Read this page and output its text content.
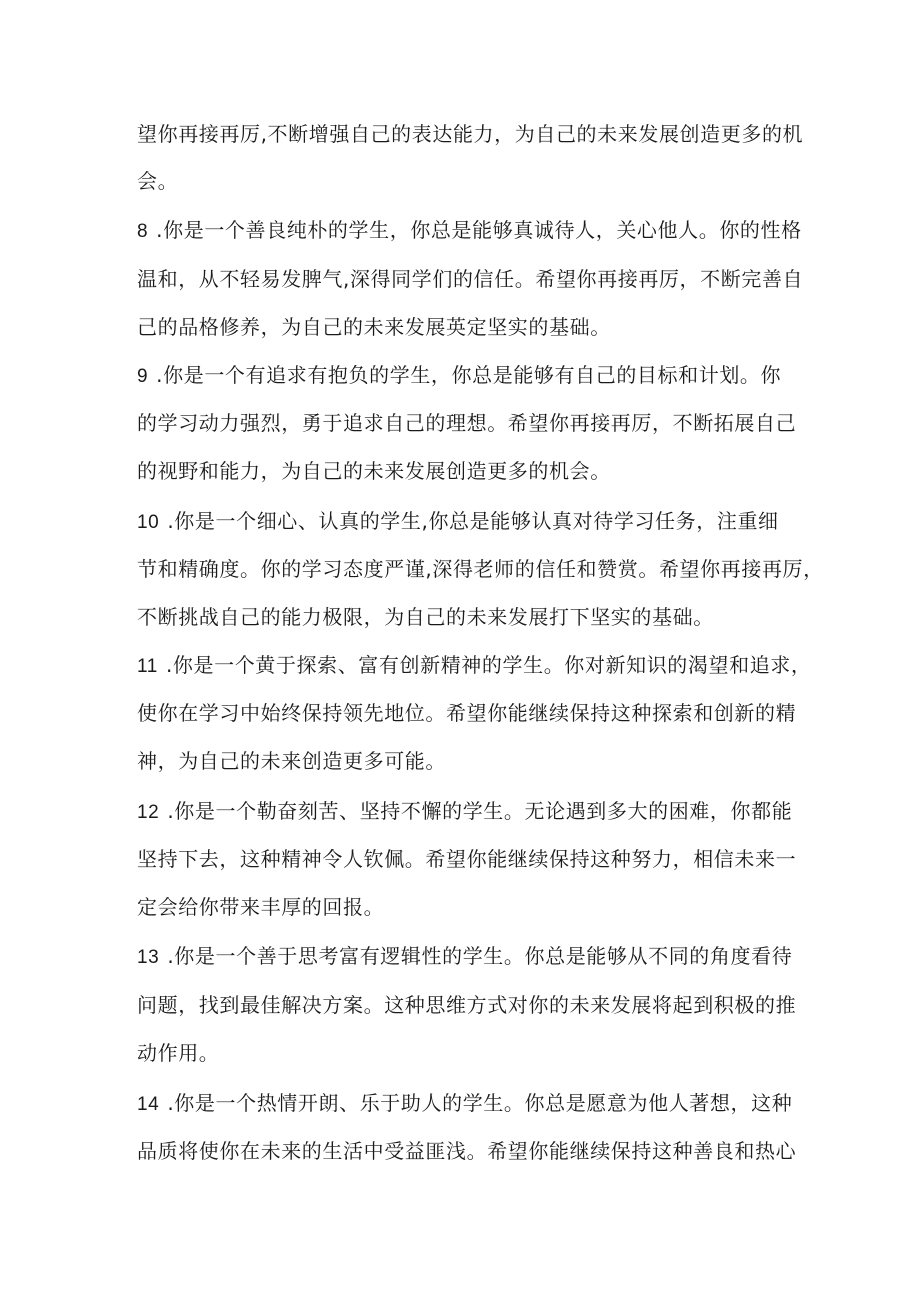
望你再接再厉,不断增强自己的表达能力，为自己的未来发展创造更多的机
会。
8 .你是一个善良纯朴的学生，你总是能够真诚待人，关心他人。你的性格
温和，从不轻易发脾气,深得同学们的信任。希望你再接再厉，不断完善自
己的品格修养，为自己的未来发展英定坚实的基础。
9 .你是一个有追求有抱负的学生，你总是能够有自己的目标和计划。你
的学习动力强烈，勇于追求自己的理想。希望你再接再厉，不断拓展自己
的视野和能力，为自己的未来发展创造更多的机会。
10 .你是一个细心、认真的学生,你总是能够认真对待学习任务，注重细
节和精确度。你的学习态度严谨,深得老师的信任和赞赏。希望你再接再厉，
不断挑战自己的能力极限，为自己的未来发展打下坚实的基础。
11 .你是一个黄于探索、富有创新精神的学生。你对新知识的渴望和追求，
使你在学习中始终保持领先地位。希望你能继续保持这种探索和创新的精
神，为自己的未来创造更多可能。
12 .你是一个勒奋刻苦、坚持不懈的学生。无论遇到多大的困难，你都能
坚持下去，这种精神令人钦佩。希望你能继续保持这种努力，相信未来一
定会给你带来丰厚的回报。
13 .你是一个善于思考富有逻辑性的学生。你总是能够从不同的角度看待
问题，找到最佳解决方案。这种思维方式对你的未来发展将起到积极的推
动作用。
14 .你是一个热情开朗、乐于助人的学生。你总是愿意为他人著想，这种
品质将使你在未来的生活中受益匪浅。希望你能继续保持这种善良和热心
